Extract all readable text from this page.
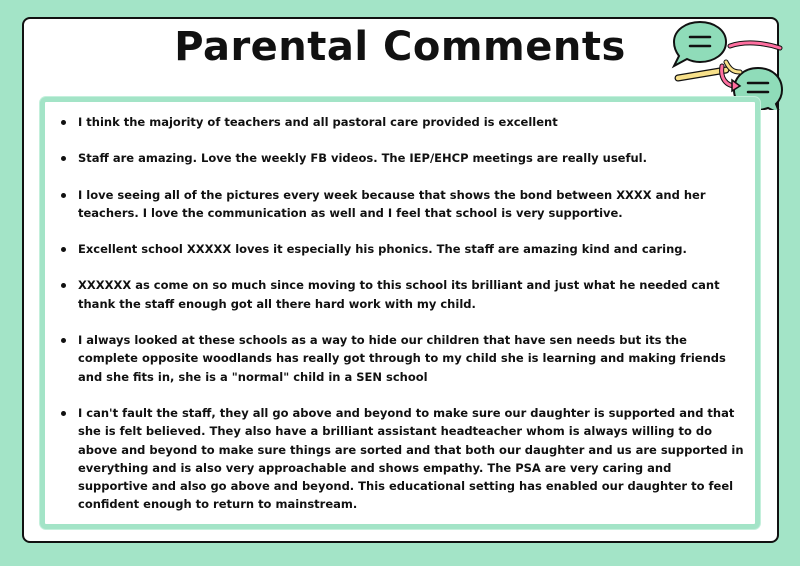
Parental Comments
I think the majority of teachers and all pastoral care provided is excellent
Staff are amazing. Love the weekly FB videos. The IEP/EHCP meetings are really useful.
I love seeing all of the pictures every week because that shows the bond between XXXX and her teachers. I love the communication as well and I feel that school is very supportive.
Excellent school XXXXX loves it especially his phonics. The staff are amazing kind and caring.
XXXXXX as come on so much since moving to this school its brilliant and just what he needed cant thank the staff enough got all there hard work with my child.
I always looked at these schools as a way to hide our children that have sen needs but its the complete opposite woodlands has really got through to my child she is learning and making friends and she fits in, she is a "normal" child in a SEN school
I can't fault the staff, they all go above and beyond to make sure our daughter is supported and that she is felt believed. They also have a brilliant assistant headteacher whom is always willing to do above and beyond to make sure things are sorted and that both our daughter and us are supported in everything and is also very approachable and shows empathy. The PSA are very caring and supportive and also go above and beyond. This educational setting has enabled our daughter to feel confident enough to return to mainstream.
